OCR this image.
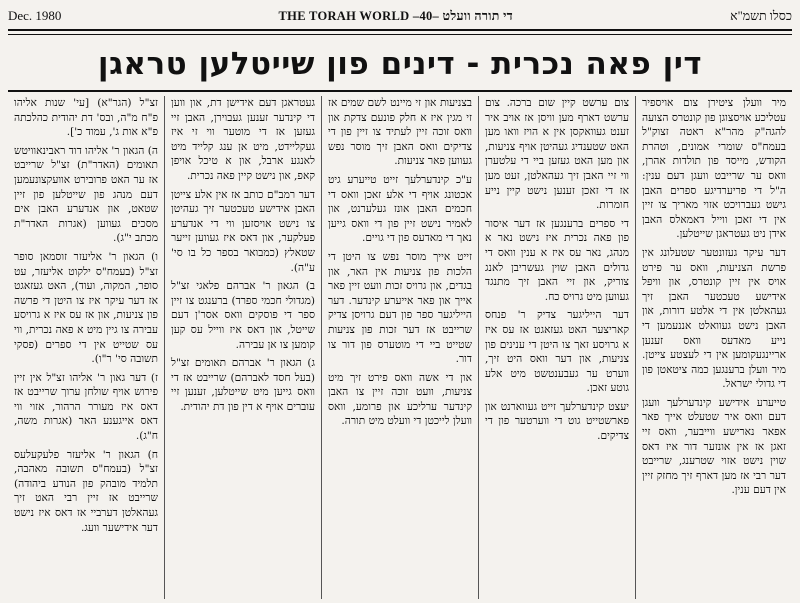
Dec. 1980	THE TORAH WORLD –40– די תורה וועלט	כסלו תשמ"א
דין פאה נכרית - דינים פון שייטלען טראגן

מיר וועלן ציטירן צום אויספיר עטליכע אויסצוגן פון קונטרס הצועה להגה"ק מהר"א ראטה זצוק"ל בעמח"ס שומרי אמונים, וטהרת הקודש, מייסד פון תולדות אהרן, וואס ער שרייבט וועגן דעם ענין: ה"ל די פריערדיגע ספרים האבן גישט געברויכט אזוי מאריך צו זיין אין די זאכן ווייל דאמאלס האבן אידן ניט געטראגן שייטלען.

דער עיקר געזונטער שטעלונג אין פרשת הצניעות, וואס ער פירט אויס אין זיין קונטרס, און וויפל אידישע טעכטער האבן זיך געהאלטן אין די אלטע דורות, און האבן נישט געוואלט אננעמען די נייע מאדעס וואס זענען אריינגעקומען אין די לעצטע צייטן. מיר וועלן ברענגען כמה ציטאטן פון די גדולי ישראל.

טייערע אידישע קינדערלעך וועגן דעם וואס איר שטעלט אייך פאר אפאר נארישע ווייבער, וואס זיי זאגן אז אין אונזער דור איז דאס שוין נישט אזוי שטרענג, שרייבט דער רבי אז מען דארף זיך מחזק זיין אין דעם ענין.

צום ערשט קיין שום ברכה. צום ערשט דארף מען וויסן אז אויב איר זענט געוואקסן אין א הויז וואו מען האט שטענדיג געהיטן אויף צניעות, און מען האט געזען ביי די עלטערן ווי זיי האבן זיך געהאלטן, זעט מען אז די זאכן זענען נישט קיין נייע חומרות.

די ספרים ברענגען אז דער איסור פון פאה נכרית איז נישט נאר א מנהג, נאר עס איז א ענין וואס די גדולים האבן שוין געשריבן לאנג צוריק, און זיי האבן זיך מתנגד געווען מיט גרויס כח.

דער הייליגער צדיק ר' פנחס קאריצער האט געזאגט אז עס איז א גרויסע זאך צו היטן די ענינים פון צניעות, און דער וואס היט זיך, ווערט ער געבענטשט מיט אלע גוטע זאכן.

יעצט קינדערלעך זייט געווארנט און פארשטייט גוט די ווערטער פון די צדיקים.

בצניעות און זי מיינט לשם שמים אז זי מגין איז א חלק פונעם צדקת און וואס זוכה זיין לעתיד צו זיין פון די צדיקים וואס האבן זיך מוסר נפש געווען פאר צניעות.

ע"כ קינדערלעך זייט טייערע גיט אכטונג אויף די אלע זאכן וואס די חכמים האבן אונז געלערנט, און לאמיר נישט זיין פון די וואס גייען נאך די מאדעס פון די גויים.

זייט אייך מוסר נפש צו היטן די הלכות פון צניעות אין האר, און בגדים, און גרויס זכות וועט זיין פאר אייך און פאר אייערע קינדער. דער הייליגער ספר פון דעם גרויסן צדיק שרייבט אז דער זכות פון צניעות שטייט ביי די מוטערס פון דור צו דור.

און די אשה וואס פירט זיך מיט צניעות, וועט זוכה זיין צו האבן קינדער ערליכע און פרומע, וואס וועלן לייכטן די וועלט מיט תורה.

געטראגן דעם אידישן דת, און ווען די קינדער זענען געבוירן, האבן זיי געזען אז די מוטער ווי זי איז געקליידט, מיט אן ענג קלייד מיט לאנגע ארבל, און א טיכל אויפן קאפ, און נישט קיין פאה נכרית.

דער רמב"ם כותב אז אין אלע צייטן האבן אידישע טעכטער זיך געהיטן צו נישט אויסזען ווי די אנדערע פעלקער, און דאס איז געווען זייער שטאלץ (כמבואר בספר כל בו סי' ע"ה).

ב) הגאון ר' אברהם פלאגי זצ"ל (מגדולי חכמי ספרד) ברענגט צו זיין ספר די פוסקים וואס אסר'ן דעם שייטל, און דאס איז ווייל עס קען קומען צו אן עבירה.

ג) הגאון ר' אברהם תאומים זצ"ל (בעל חסד לאברהם) שרייבט אז די וואס גייען מיט שייטלען, זענען זיי עוברים אויף א דין פון דת יהודית.

זצ"ל (הגר"א) [עי' שנות אליהו פ"ח מ"ה, ובס' דת יהודית כהלכתה פ"א אות ג', עמוד כ'].

ה) הגאון ר' אליהו דוד ראבינאוויטש תאומים (האדר"ת) זצ"ל שרייבט אז ער האט פרובירט אוועקצונעמען דעם מנהג פון שייטלען פון זיין שטאט, און אנדערע האבן אים מסכים געווען (אגרות האדר"ת מכתב י"ג).

ו) הגאון ר' אליעזר זוסמאן סופר זצ"ל (בעמח"ס ילקוט אליעזר, עט סופר, המקוה, ועוד), האט געזאגט אז דער עיקר איז צו היטן די פרשה פון צניעות, און אז עס איז א גרויסע עבירה צו גיין מיט א פאה נכרית, ווי עס שטייט אין די ספרים (פסקי תשובה סי' ר"ו).

ז) דער גאון ר' אליהו זצ"ל אין זיין פירוש אויף שולחן ערוך שרייבט אז דאס איז מעורר הרהור, אזוי ווי דאס אייגענע האר (אגרות משה, ח"ג).

ח) הגאון ר' אליעזר פלעקעלעס זצ"ל (בעמח"ס תשובה מאהבה, תלמיד מובהק פון הנודע ביהודה) שרייבט אז זיין רבי האט זיך געהאלטן דערביי אז דאס איז נישט דער אידישער וועג.
